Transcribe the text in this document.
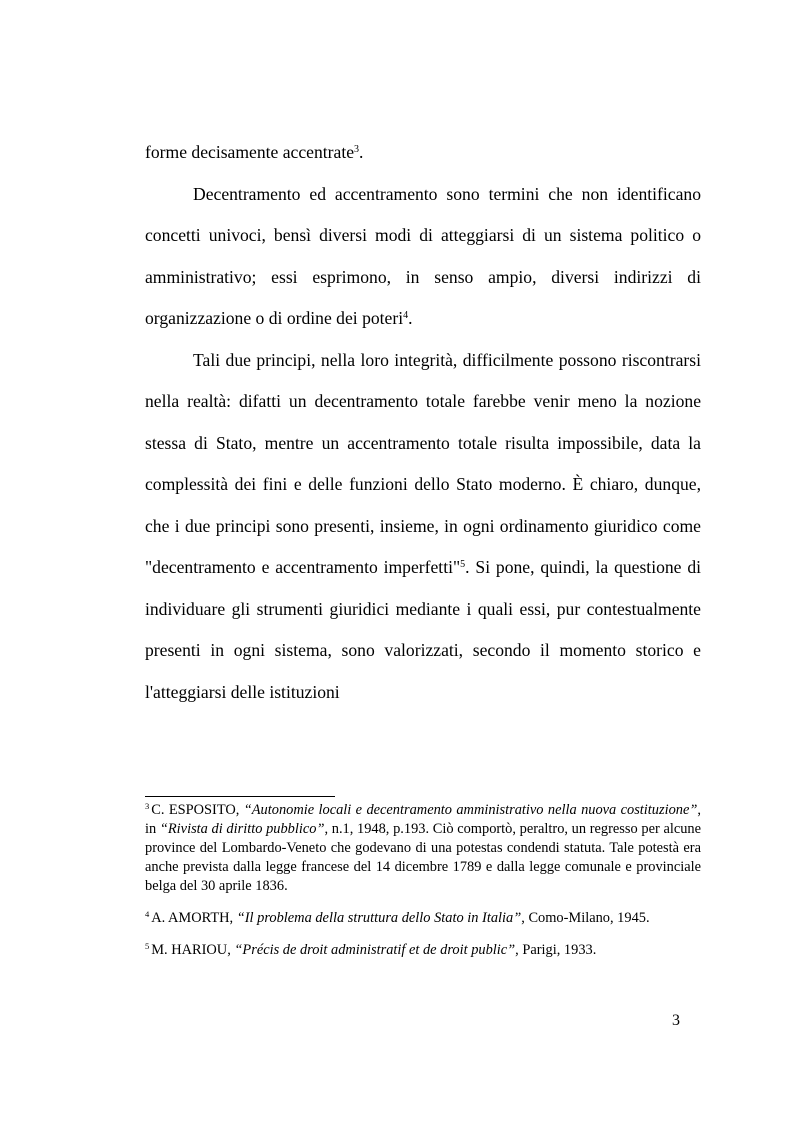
forme decisamente accentrate$^3$.

Decentramento ed accentramento sono termini che non identificano concetti univoci, bensì diversi modi di atteggiarsi di un sistema politico o amministrativo; essi esprimono, in senso ampio, diversi indirizzi di organizzazione o di ordine dei poteri$^4$.

Tali due principi, nella loro integrità, difficilmente possono riscontrarsi nella realtà: difatti un decentramento totale farebbe venir meno la nozione stessa di Stato, mentre un accentramento totale risulta impossibile, data la complessità dei fini e delle funzioni dello Stato moderno. È chiaro, dunque, che i due principi sono presenti, insieme, in ogni ordinamento giuridico come "decentramento e accentramento imperfetti"$^5$. Si pone, quindi, la questione di individuare gli strumenti giuridici mediante i quali essi, pur contestualmente presenti in ogni sistema, sono valorizzati, secondo il momento storico e l'atteggiarsi delle istituzioni

$^3$ C. ESPOSITO, “Autonomie locali e decentramento amministrativo nella nuova costituzione”, in “Rivista di diritto pubblico”, n.1, 1948, p.193. Ciò comportò, peraltro, un regresso per alcune province del Lombardo-Veneto che godevano di una potestas condendi statuta. Tale potestà era anche prevista dalla legge francese del 14 dicembre 1789 e dalla legge comunale e provinciale belga del 30 aprile 1836.

$^4$ A. AMORTH, “Il problema della struttura dello Stato in Italia”, Como-Milano, 1945.

$^5$ M. HARIOU, “Précis de droit administratif et de droit public”, Parigi, 1933.

3
